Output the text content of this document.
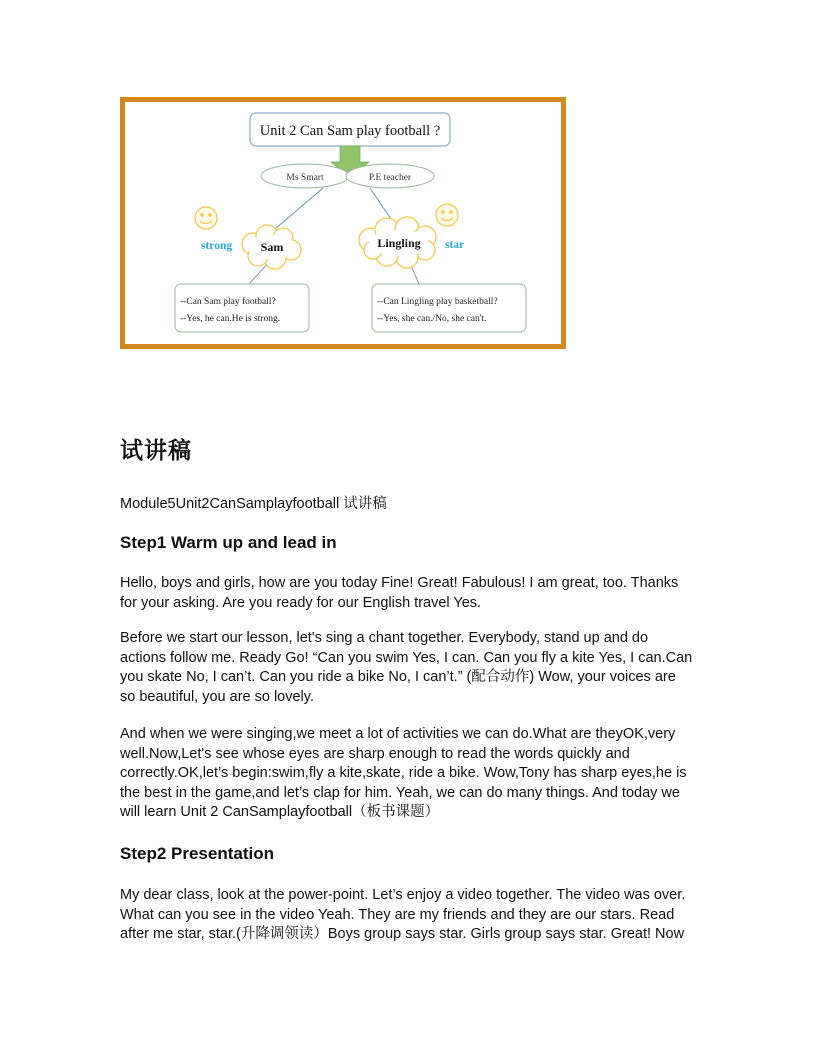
Unit 2 Can Sam play football ?
Ms Smart	P.E teacher
Sam	Lingling
strong	star
--Can Sam play football?
--Yes, he can.He is strong.
--Can Lingling play basketball?
--Yes, she can./No, she can't.
试讲稿

Module5Unit2CanSamplayfootball 试讲稿

Step1 Warm up and lead in
Hello, boys and girls, how are you today Fine! Great! Fabulous! I am great, too. Thanks
for your asking. Are you ready for our English travel Yes.
Before we start our lesson, let's sing a chant together. Everybody, stand up and do
actions follow me. Ready Go! “Can you swim Yes, I can. Can you fly a kite Yes, I can.Can
you skate No, I can’t. Can you ride a bike No, I can’t.” (配合动作) Wow, your voices are
so beautiful, you are so lovely.
And when we were singing,we meet a lot of activities we can do.What are theyOK,very
well.Now,Let's see whose eyes are sharp enough to read the words quickly and
correctly.OK,let’s begin:swim,fly a kite,skate, ride a bike. Wow,Tony has sharp eyes,he is
the best in the game,and let’s clap for him. Yeah, we can do many things. And today we
will learn Unit 2 CanSamplayfootball（板书课题）
Step2 Presentation
My dear class, look at the power-point. Let’s enjoy a video together. The video was over.
What can you see in the video Yeah. They are my friends and they are our stars. Read
after me star, star.(升降调领读）Boys group says star. Girls group says star. Great! Now
